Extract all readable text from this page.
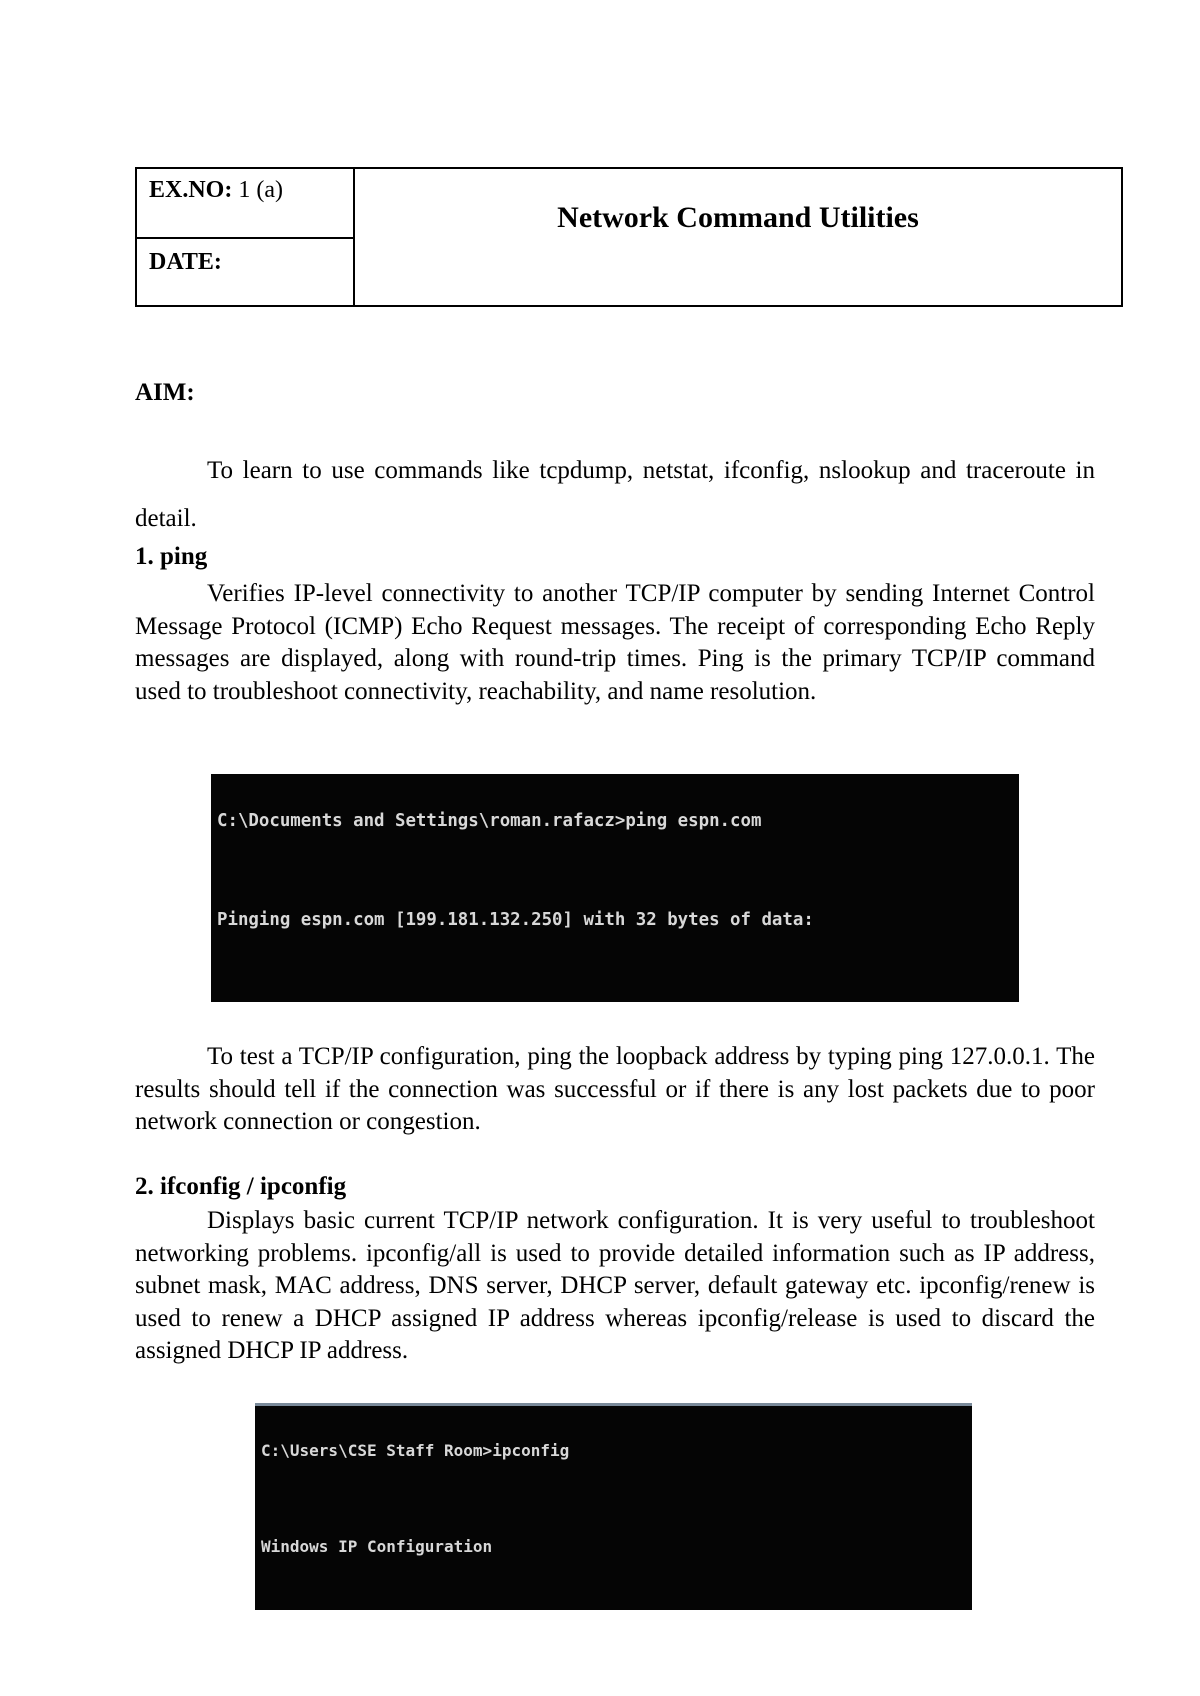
EX.NO: 1 (a)
DATE:
Network Command Utilities
AIM:
To learn to use commands like tcpdump, netstat, ifconfig, nslookup and traceroute in detail.
1. ping
Verifies IP-level connectivity to another TCP/IP computer by sending Internet Control Message Protocol (ICMP) Echo Request messages. The receipt of corresponding Echo Reply messages are displayed, along with round-trip times. Ping is the primary TCP/IP command used to troubleshoot connectivity, reachability, and name resolution.

C:\Documents and Settings\roman.rafacz>ping espn.com

Pinging espn.com [199.181.132.250] with 32 bytes of data:

To test a TCP/IP configuration, ping the loopback address by typing ping 127.0.0.1. The results should tell if the connection was successful or if there is any lost packets due to poor network connection or congestion.
2. ifconfig / ipconfig
Displays basic current TCP/IP network configuration. It is very useful to troubleshoot networking problems. ipconfig/all is used to provide detailed information such as IP address, subnet mask, MAC address, DNS server, DHCP server, default gateway etc. ipconfig/renew is used to renew a DHCP assigned IP address whereas ipconfig/release is used to discard the assigned DHCP IP address.

C:\Users\CSE Staff Room>ipconfig

Windows IP Configuration
